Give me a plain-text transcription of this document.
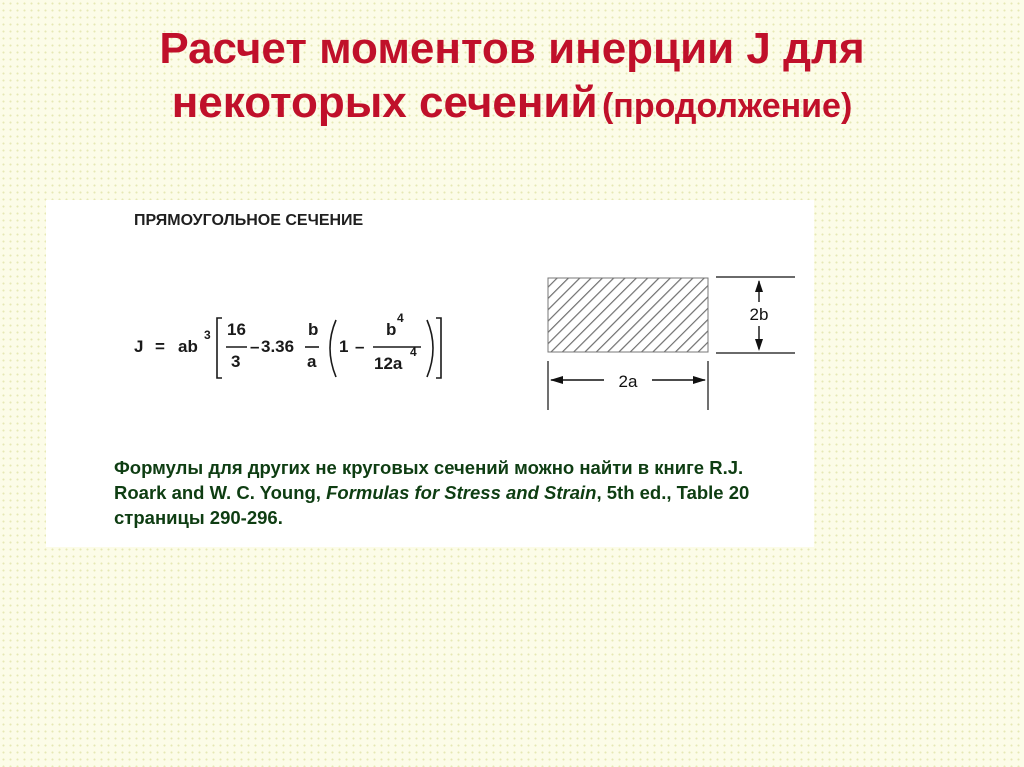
Расчет моментов инерции J для
некоторых сечений (продолжение)
ПРЯМОУГОЛЬНОЕ СЕЧЕНИЕ
J = ab
3 16
3
– 3.36
b
a
1 –
b
4
12a
4
2b
2a
Формулы для других не круговых сечений можно найти в книге R.J. Roark and W. C. Young, Formulas for Stress and Strain, 5th ed., Table 20 страницы 290-296.
